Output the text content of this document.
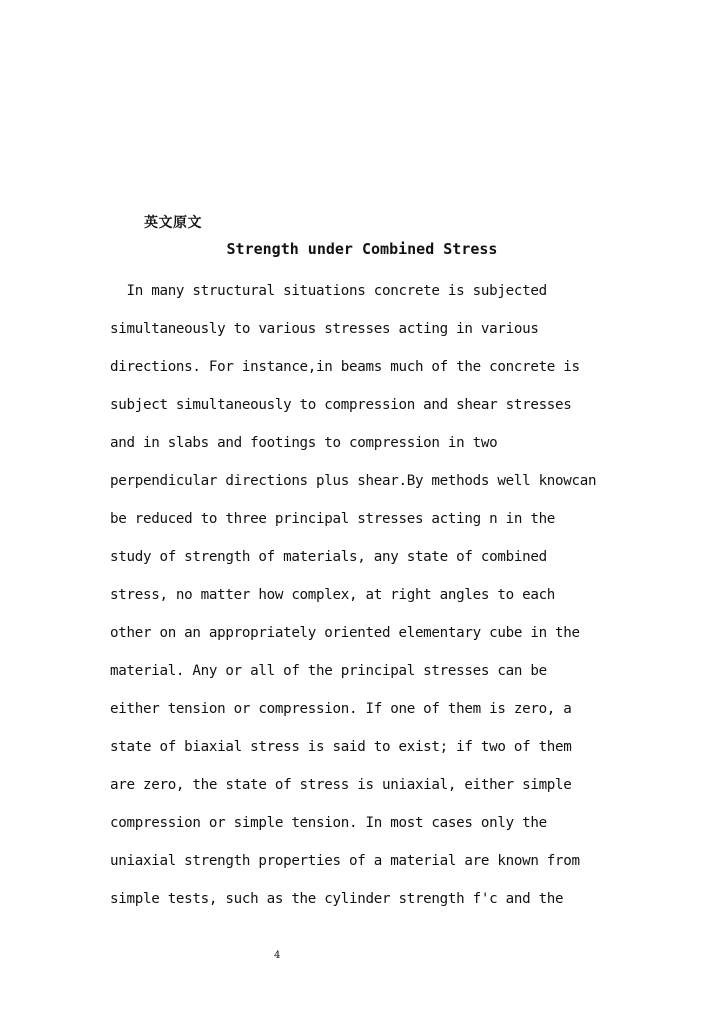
英文原文
Strength under Combined Stress
In many structural situations concrete is subjected
simultaneously to various stresses acting in various
directions. For instance,in beams much of the concrete is
subject simultaneously to compression and shear stresses
and in slabs and footings to compression in two
perpendicular directions plus shear.By methods well knowcan
be reduced to three principal stresses acting n in the
study of strength of materials, any state of combined
stress, no matter how complex, at right angles to each
other on an appropriately oriented elementary cube in the
material. Any or all of the principal stresses can be
either tension or compression. If one of them is zero, a
state of biaxial stress is said to exist; if two of them
are zero, the state of stress is uniaxial, either simple
compression or simple tension. In most cases only the
uniaxial strength properties of a material are known from
simple tests, such as the cylinder strength f'c and the
4
